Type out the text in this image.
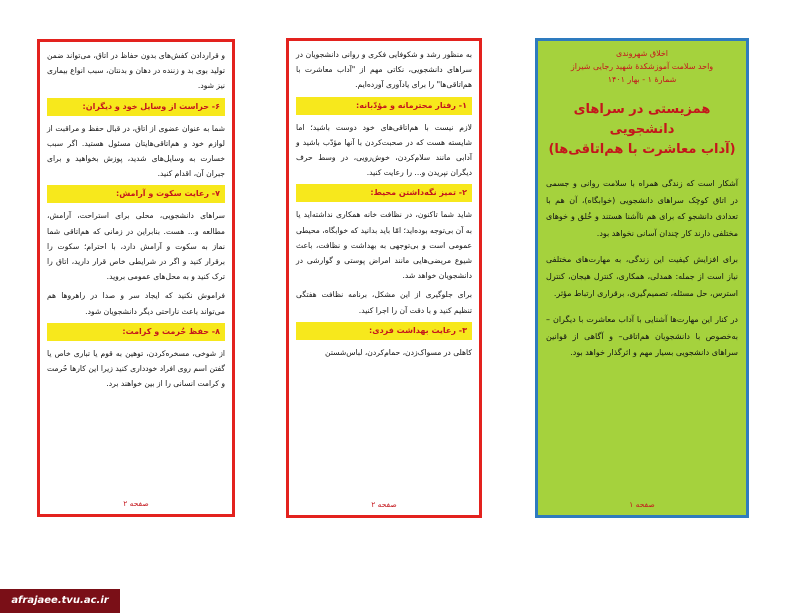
و قراردادن کفش‌های بدون حفاظ در اتاق، می‌تواند ضمن تولید بوی بد و زننده در دهان و بدنتان، سبب انواع بیماری نیز شود.

۶- حراست از وسایل خود و دیگران:

شما به عنوان عضوی از اتاق، در قبال حفظ و مراقبت از لوازم خود و هم‌اتاقی‌هایتان مسئول هستید. اگر سبب خسارت به وسایل‌های شدید، پوزش بخواهید و برای جبران آن، اقدام کنید.

۷- رعایت سکوت و آرامش:

سراهای دانشجویی، محلی برای استراحت، آرامش، مطالعه و... هست. بنابراین در زمانی که هم‌اتاقی شما نماز به سکوت و آرامش دارد، با احترام؛ سکوت را برقرار کنید و اگر در شرایطی خاص قرار دارید، اتاق را ترک کنید و به محل‌های عمومی بروید.

فراموش نکنید که ایجاد سر و صدا در راهروها هم می‌تواند باعث ناراحتی دیگر دانشجویان شود.

۸- حفظ حُرمت و کرامت:

از شوخی، مسخره‌کردن، توهین به قوم یا تباری خاص یا گفتن اسم روی افراد خودداری کنید زیرا این کارها حُرمت و کرامت انسانی را از بین خواهند برد.

صفحه ۲

به منظور رشد و شکوفایی فکری و روانی دانشجویان در سراهای دانشجویی، نکاتی مهم از "آداب معاشرت با هم‌اتاقی‌ها" را برای یادآوری آورده‌ایم.

۱- رفتار محترمانه و مؤدّبانه:

لازم نیست با هم‌اتاقی‌های خود دوست باشید؛ اما شایسته هست که در صحبت‌کردن با آنها مؤدّب باشید و آدابی مانند سلام‌کردن، خوش‌رویی، در وسط حرف دیگران نپریدن و... را رعایت کنید.

۲- تمیز نگه‌داشتن محیط:

شاید شما تاکنون، در نظافت خانه همکاری نداشته‌اید یا به آن بی‌توجه بوده‌اید؛ امّا باید بدانید که خوابگاه، محیطی عمومی است و بی‌توجهی به بهداشت و نظافت، باعث شیوع مریضی‌هایی مانند امراض پوستی و گوارشی در دانشجویان خواهد شد.

برای جلوگیری از این مشکل، برنامه نظافت هفتگی تنظیم کنید و با دقت آن را اجرا کنید.

۳- رعایت بهداشت فردی:

کاهلی در مسواک‌زدن، حمام‌کردن، لباس‌شستن

صفحه ۲
اخلاق شهروندی
واحد سلامت آموزشکدهٔ شهید رجایی شیراز
شمارهٔ ۱ - بهار ۱۴۰۱
همزیستی در سراهای دانشجویی
(آداب معاشرت با هم‌اتاقی‌ها)

آشکار است که زندگی همراه با سلامت روانی و جسمی در اتاق کوچک سراهای دانشجویی (خوابگاه)، آن هم با تعدادی دانشجو که برای هم ناآشنا هستند و خُلق و خوهای مختلفی دارند کار چندان آسانی نخواهد بود.

برای افزایش کیفیت این زندگی، به مهارت‌های مختلفی نیاز است از جمله: همدلی، همکاری، کنترل هیجان، کنترل استرس، حل مسئله، تصمیم‌گیری، برقراری ارتباط مؤثر.

در کنار این مهارت‌ها آشنایی با آداب معاشرت با دیگران –به‌خصوص با دانشجویان هم‌اتاقی– و آگاهی از قوانین سراهای دانشجویی بسیار مهم و اثرگذار خواهد بود.

صفحه ۱
afrajaee.tvu.ac.ir
